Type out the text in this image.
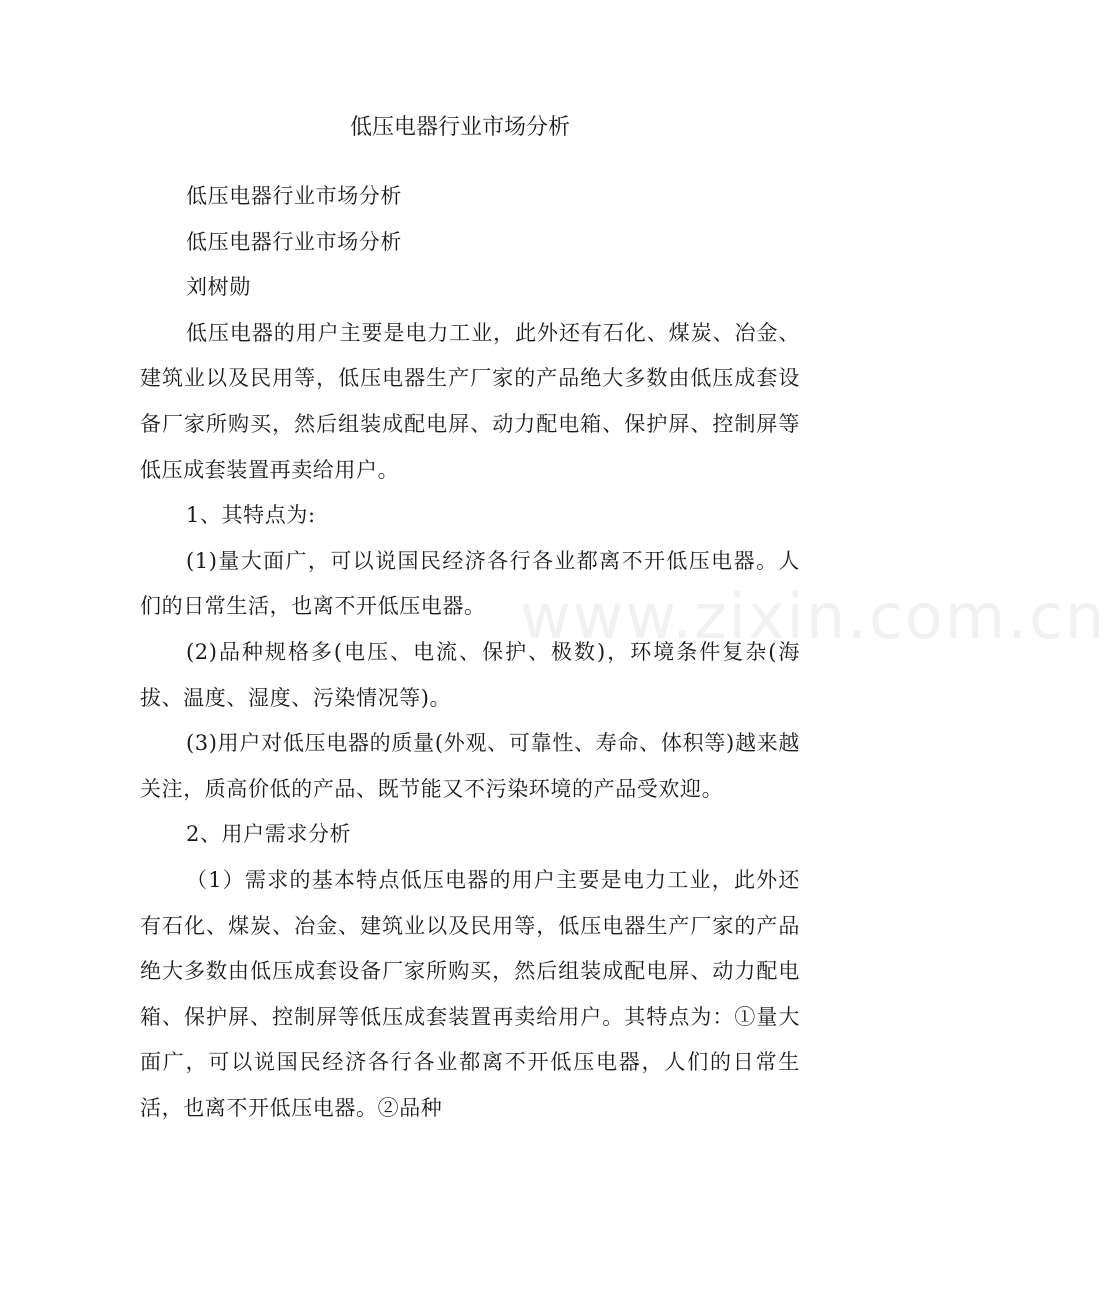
www.zixin.com.cn
低压电器行业市场分析

低压电器行业市场分析

低压电器行业市场分析

刘树勋

低压电器的用户主要是电力工业，此外还有石化、煤炭、冶金、建筑业以及民用等，低压电器生产厂家的产品绝大多数由低压成套设备厂家所购买，然后组装成配电屏、动力配电箱、保护屏、控制屏等低压成套装置再卖给用户。

1、其特点为:

(1)量大面广，可以说国民经济各行各业都离不开低压电器。人们的日常生活，也离不开低压电器。

(2)品种规格多(电压、电流、保护、极数)，环境条件复杂(海拔、温度、湿度、污染情况等)。

(3)用户对低压电器的质量(外观、可靠性、寿命、体积等)越来越关注，质高价低的产品、既节能又不污染环境的产品受欢迎。

2、用户需求分析

（1）需求的基本特点低压电器的用户主要是电力工业，此外还有石化、煤炭、冶金、建筑业以及民用等，低压电器生产厂家的产品绝大多数由低压成套设备厂家所购买，然后组装成配电屏、动力配电箱、保护屏、控制屏等低压成套装置再卖给用户。其特点为：①量大面广，可以说国民经济各行各业都离不开低压电器，人们的日常生活，也离不开低压电器。②品种
